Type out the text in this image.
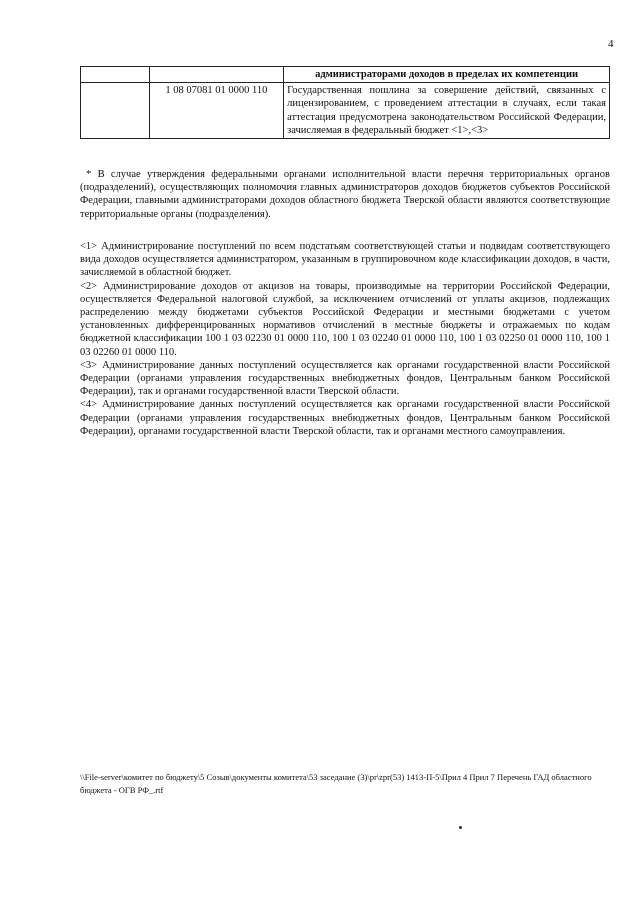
4
		администраторами доходов в пределах их компетенции
	1 08 07081 01 0000 110	Государственная пошлина за совершение действий, связанных с лицензированием, с проведением аттестации в случаях, если такая аттестация предусмотрена законодательством Российской Федерации, зачисляемая в федеральный бюджет <1>,<3>

* В случае утверждения федеральными органами исполнительной власти перечня территориальных органов (подразделений), осуществляющих полномочия главных администраторов доходов бюджетов субъектов Российской Федерации, главными администраторами доходов областного бюджета Тверской области являются соответствующие территориальные органы (подразделения).

<1> Администрирование поступлений по всем подстатьям соответствующей статьи и подвидам соответствующего вида доходов осуществляется администратором, указанным в группировочном коде классификации доходов, в части, зачисляемой в областной бюджет.

<2> Администрирование доходов от акцизов на товары, производимые на территории Российской Федерации, осуществляется Федеральной налоговой службой, за исключением отчислений от уплаты акцизов, подлежащих распределению между бюджетами субъектов Российской Федерации и местными бюджетами с учетом установленных дифференцированных нормативов отчислений в местные бюджеты и отражаемых по кодам бюджетной классификации 100 1 03 02230 01 0000 110, 100 1 03 02240 01 0000 110, 100 1 03 02250 01 0000 110, 100 1 03 02260 01 0000 110.

<3> Администрирование данных поступлений осуществляется как органами государственной власти Российской Федерации (органами управления государственных внебюджетных фондов, Центральным банком Российской Федерации), так и органами государственной власти Тверской области.

<4> Администрирование данных поступлений осуществляется как органами государственной власти Российской Федерации (органами управления государственных внебюджетных фондов, Центральным банком Российской Федерации), органами государственной власти Тверской области, так и органами местного самоуправления.

\\File-server\комитет по бюджету\5 Созыв\документы комитета\53 заседание (3)\pr\zpr(53) 1413-П-5\Прил 4 Прил 7 Перечень ГАД областного бюджета - ОГВ РФ_.rtf
